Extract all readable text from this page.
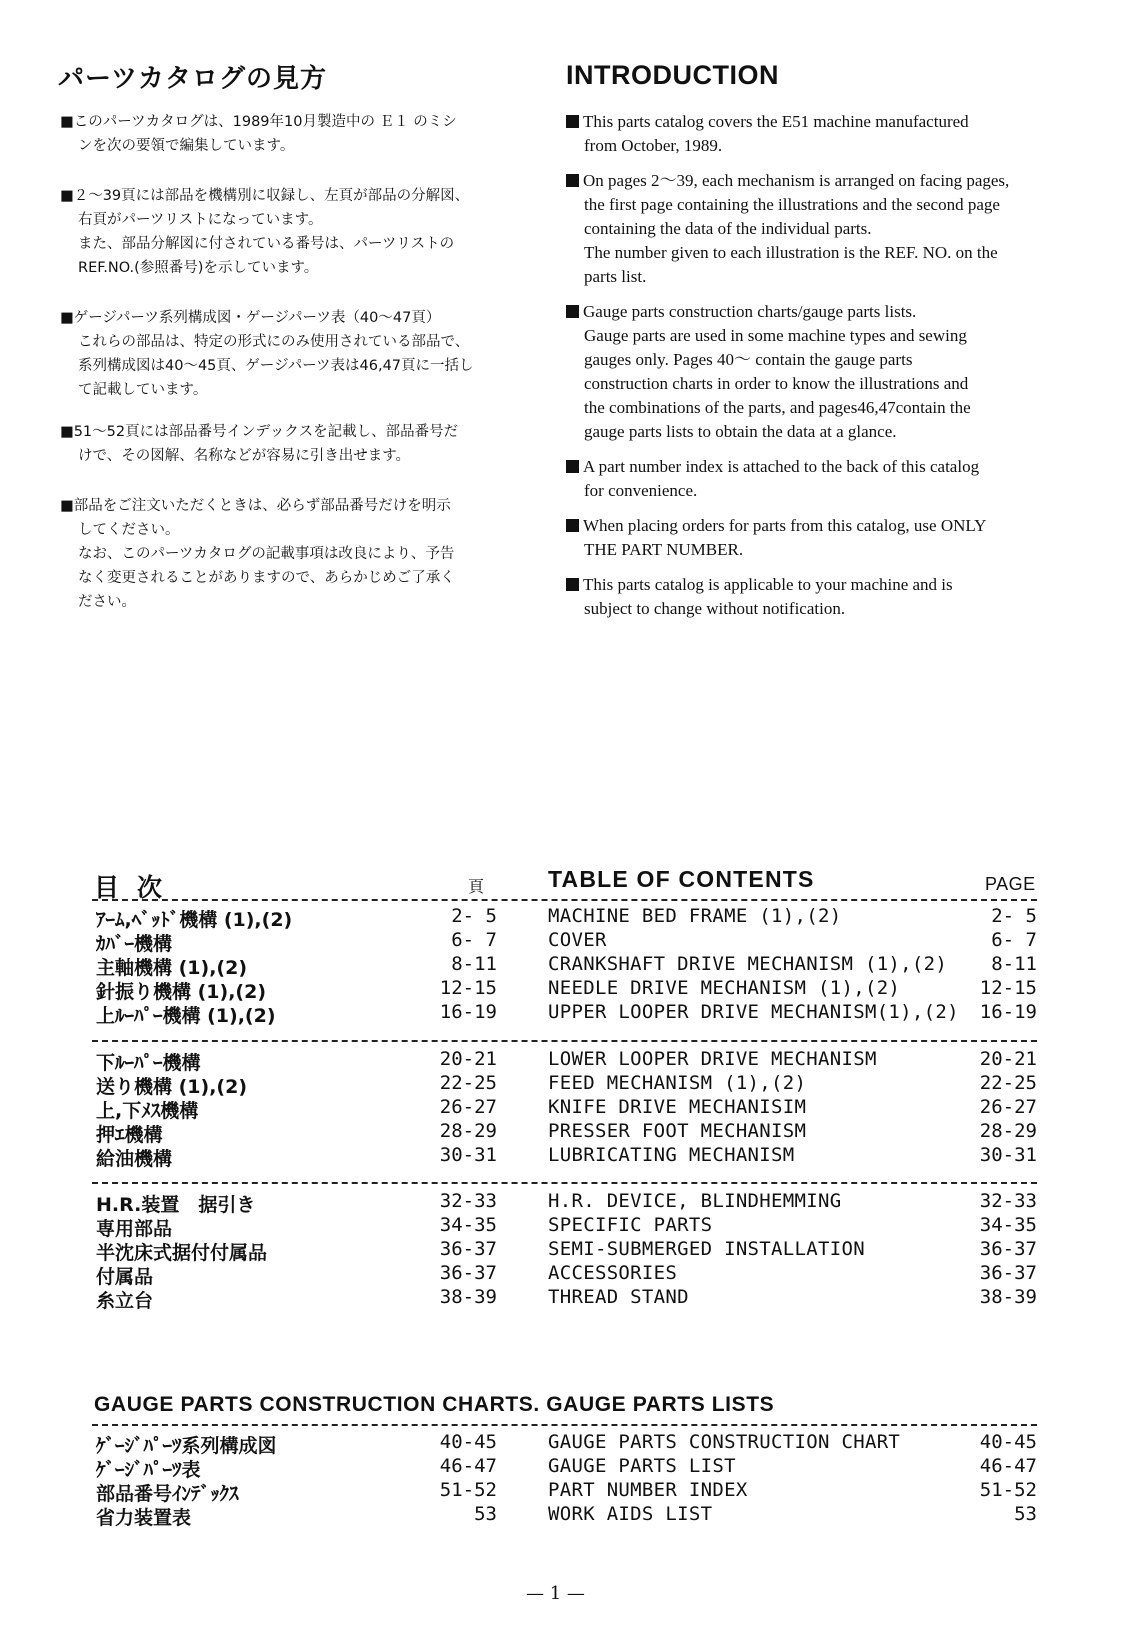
パーツカタログの見方	INTRODUCTION
■このパーツカタログは、1989年10月製造中の Ｅ１ のミシ
ンを次の要領で編集しています。
■２～39頁には部品を機構別に収録し、左頁が部品の分解図、
右頁がパーツリストになっています。
また、部品分解図に付されている番号は、パーツリストの
REF.NO.(参照番号)を示しています。
■ゲージパーツ系列構成図・ゲージパーツ表（40～47頁）
これらの部品は、特定の形式にのみ使用されている部品で、
系列構成図は40～45頁、ゲージパーツ表は46,47頁に一括し
て記載しています。
■51～52頁には部品番号インデックスを記載し、部品番号だ
けで、その図解、名称などが容易に引き出せます。
■部品をご注文いただくときは、必らず部品番号だけを明示
してください。
なお、このパーツカタログの記載事項は改良により、予告
なく変更されることがありますので、あらかじめご了承く
ださい。
This parts catalog covers the E51 machine manufactured
from October, 1989.
On pages 2～39, each mechanism is arranged on facing pages,
the first page containing the illustrations and the second page
containing the data of the individual parts.
The number given to each illustration is the REF. NO. on the
parts list.
Gauge parts construction charts/gauge parts lists.
Gauge parts are used in some machine types and sewing
gauges only. Pages 40～ contain the gauge parts
construction charts in order to know the illustrations and
the combinations of the parts, and pages46,47contain the
gauge parts lists to obtain the data at a glance.
A part number index is attached to the back of this catalog
for convenience.
When placing orders for parts from this catalog, use ONLY
THE PART NUMBER.
This parts catalog is applicable to your machine and is
subject to change without notification.
目次	頁	TABLE OF CONTENTS	PAGE
ｱｰﾑ,ﾍﾞｯﾄﾞ機構 (1),(2)	2- 5	MACHINE BED FRAME (1),(2)	2- 5
ｶﾊﾞｰ機構	6- 7	COVER	6- 7
主軸機構 (1),(2)	8-11	CRANKSHAFT DRIVE MECHANISM (1),(2) 8-11
針振り機構 (1),(2)	12-15	NEEDLE DRIVE MECHANISM (1),(2)	12-15
上ﾙｰﾊﾟｰ機構 (1),(2)	16-19	UPPER LOOPER DRIVE MECHANISM(1),(2) 16-19
下ﾙｰﾊﾟｰ機構	20-21	LOWER LOOPER DRIVE MECHANISM	20-21
送り機構 (1),(2)	22-25	FEED MECHANISM (1),(2)	22-25
上,下ﾒｽ機構	26-27	KNIFE DRIVE MECHANISIM	26-27
押ｴ機構	28-29	PRESSER FOOT MECHANISM	28-29
給油機構	30-31	LUBRICATING MECHANISM	30-31
H.R.装置　据引き	32-33	H.R. DEVICE, BLINDHEMMING	32-33
専用部品	34-35	SPECIFIC PARTS	34-35
半沈床式据付付属品	36-37	SEMI-SUBMERGED INSTALLATION	36-37
付属品	36-37	ACCESSORIES	36-37
糸立台	38-39	THREAD STAND	38-39
GAUGE PARTS CONSTRUCTION CHARTS. GAUGE PARTS LISTS
ｹﾞｰｼﾞﾊﾟｰﾂ系列構成図	40-45	GAUGE PARTS CONSTRUCTION CHART	40-45
ｹﾞｰｼﾞﾊﾟｰﾂ表	46-47	GAUGE PARTS LIST	46-47
部品番号ｲﾝﾃﾞｯｸｽ	51-52	PART NUMBER INDEX	51-52
省力装置表	53	WORK AIDS LIST	53
— 1 —
